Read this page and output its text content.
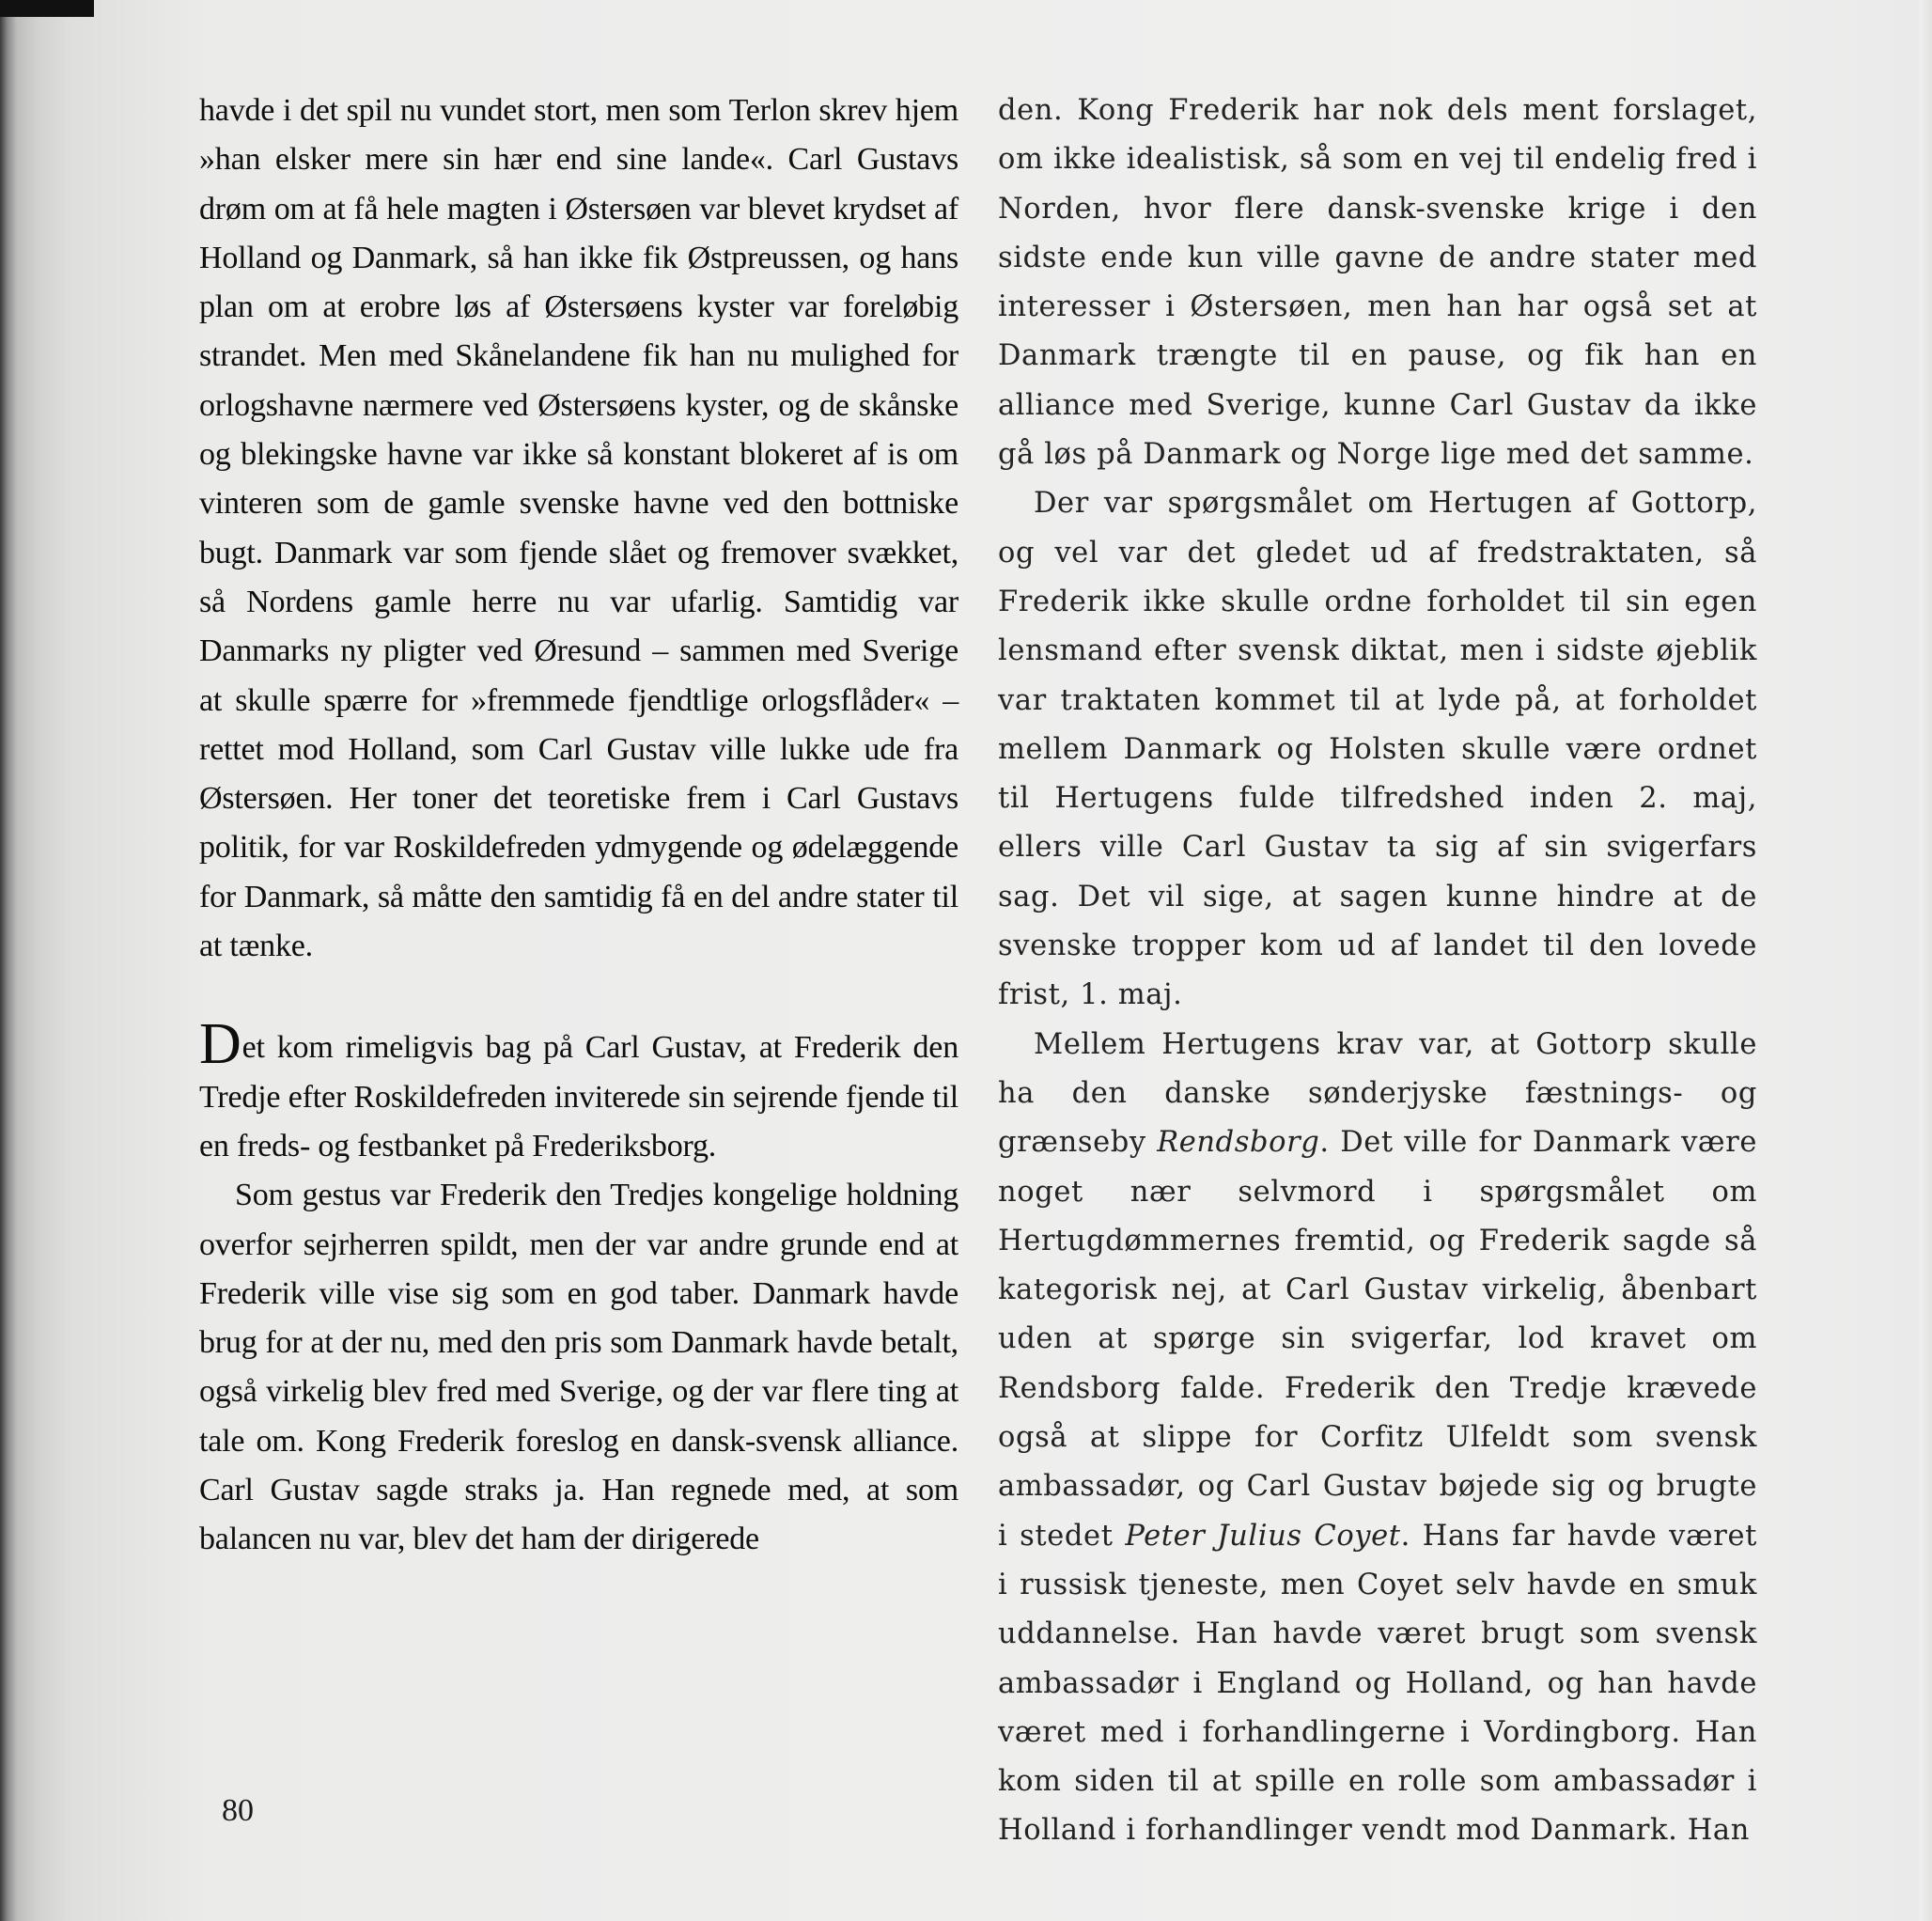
havde i det spil nu vundet stort, men som Terlon skrev hjem »han elsker mere sin hær end sine lande«. Carl Gustavs drøm om at få hele magten i Østersøen var blevet krydset af Holland og Danmark, så han ikke fik Østpreussen, og hans plan om at erobre løs af Østersøens kyster var foreløbig strandet. Men med Skånelandene fik han nu mulighed for orlogshavne nærmere ved Østersøens kyster, og de skånske og blekingske havne var ikke så konstant blokeret af is om vinteren som de gamle svenske havne ved den bottniske bugt. Danmark var som fjende slået og fremover svækket, så Nordens gamle herre nu var ufarlig. Samtidig var Danmarks ny pligter ved Øresund – sammen med Sverige at skulle spærre for »fremmede fjendtlige orlogsflåder« – rettet mod Holland, som Carl Gustav ville lukke ude fra Østersøen. Her toner det teoretiske frem i Carl Gustavs politik, for var Roskildefreden ydmygende og ødelæggende for Danmark, så måtte den samtidig få en del andre stater til at tænke.

Det kom rimeligvis bag på Carl Gustav, at Frederik den Tredje efter Roskildefreden inviterede sin sejrende fjende til en freds- og festbanket på Frederiksborg.

Som gestus var Frederik den Tredjes kongelige holdning overfor sejrherren spildt, men der var andre grunde end at Frederik ville vise sig som en god taber. Danmark havde brug for at der nu, med den pris som Danmark havde betalt, også virkelig blev fred med Sverige, og der var flere ting at tale om. Kong Frederik foreslog en dansk-svensk alliance. Carl Gustav sagde straks ja. Han regnede med, at som balancen nu var, blev det ham der dirigerede

den. Kong Frederik har nok dels ment forslaget, om ikke idealistisk, så som en vej til endelig fred i Norden, hvor flere dansk-svenske krige i den sidste ende kun ville gavne de andre stater med interesser i Østersøen, men han har også set at Danmark trængte til en pause, og fik han en alliance med Sverige, kunne Carl Gustav da ikke gå løs på Danmark og Norge lige med det samme.

Der var spørgsmålet om Hertugen af Gottorp, og vel var det gledet ud af fredstraktaten, så Frederik ikke skulle ordne forholdet til sin egen lensmand efter svensk diktat, men i sidste øjeblik var traktaten kommet til at lyde på, at forholdet mellem Danmark og Holsten skulle være ordnet til Hertugens fulde tilfredshed inden 2. maj, ellers ville Carl Gustav ta sig af sin svigerfars sag. Det vil sige, at sagen kunne hindre at de svenske tropper kom ud af landet til den lovede frist, 1. maj.

Mellem Hertugens krav var, at Gottorp skulle ha den danske sønderjyske fæstnings- og grænseby Rendsborg. Det ville for Danmark være noget nær selvmord i spørgsmålet om Hertugdømmernes fremtid, og Frederik sagde så kategorisk nej, at Carl Gustav virkelig, åbenbart uden at spørge sin svigerfar, lod kravet om Rendsborg falde. Frederik den Tredje krævede også at slippe for Corfitz Ulfeldt som svensk ambassadør, og Carl Gustav bøjede sig og brugte i stedet Peter Julius Coyet. Hans far havde været i russisk tjeneste, men Coyet selv havde en smuk uddannelse. Han havde været brugt som svensk ambassadør i England og Holland, og han havde været med i forhandlingerne i Vordingborg. Han kom siden til at spille en rolle som ambassadør i Holland i forhandlinger vendt mod Danmark. Han

80
